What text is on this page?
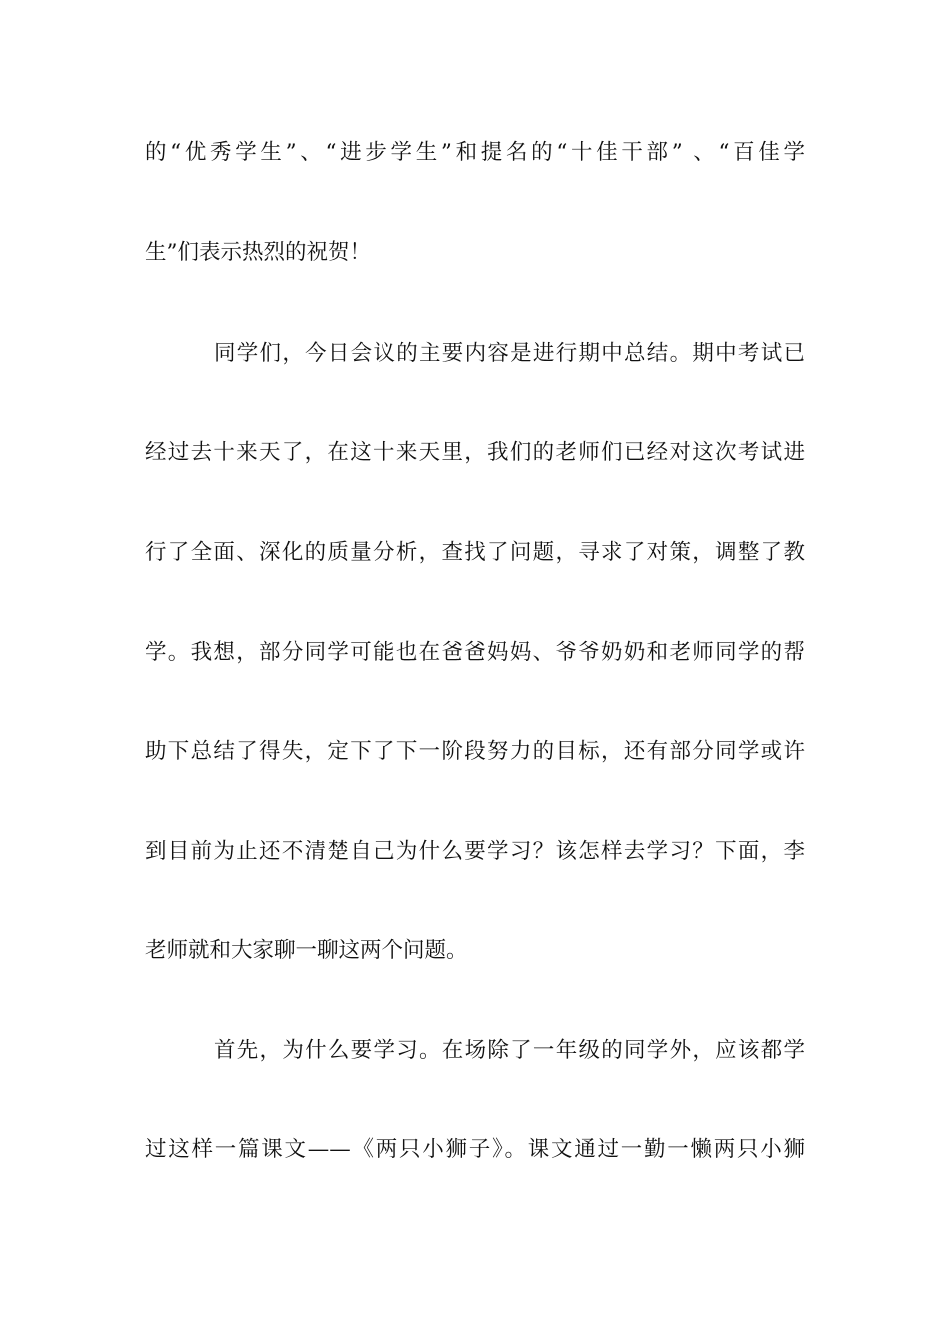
的“优秀学生”、“进步学生”和提名的“十佳干部” 、“百佳学
生”们表示热烈的祝贺！
同学们，今日会议的主要内容是进行期中总结。期中考试已
经过去十来天了，在这十来天里，我们的老师们已经对这次考试进
行了全面、深化的质量分析，查找了问题，寻求了对策，调整了教
学。我想，部分同学可能也在爸爸妈妈、爷爷奶奶和老师同学的帮
助下总结了得失，定下了下一阶段努力的目标，还有部分同学或许
到目前为止还不清楚自己为什么要学习？该怎样去学习？下面，李
老师就和大家聊一聊这两个问题。
首先，为什么要学习。在场除了一年级的同学外，应该都学
过这样一篇课文——《两只小狮子》。课文通过一勤一懒两只小狮
